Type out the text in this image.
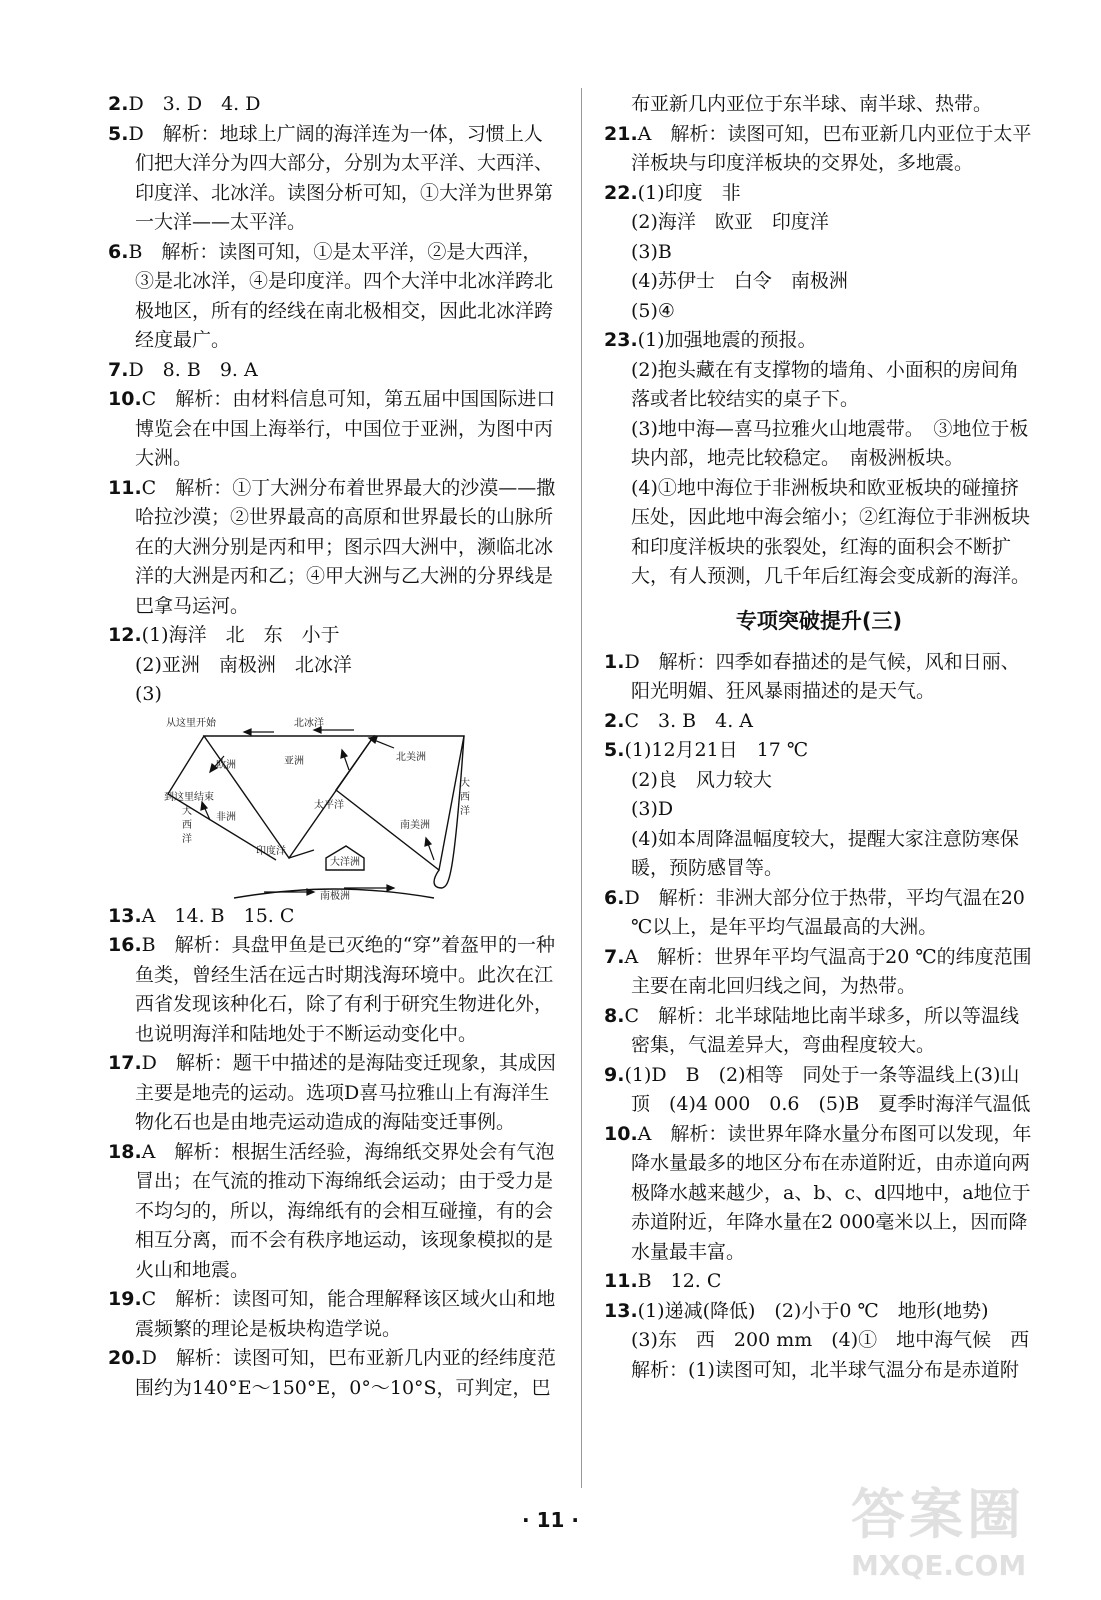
2.D　3. D　4. D

5.D　解析：地球上广阔的海洋连为一体，习惯上人们把大洋分为四大部分，分别为太平洋、大西洋、印度洋、北冰洋。读图分析可知，①大洋为世界第一大洋——太平洋。

6.B　解析：读图可知，①是太平洋，②是大西洋，③是北冰洋，④是印度洋。四个大洋中北冰洋跨北极地区，所有的经线在南北极相交，因此北冰洋跨经度最广。

7.D　8. B　9. A

10.C　解析：由材料信息可知，第五届中国国际进口博览会在中国上海举行，中国位于亚洲，为图中丙大洲。

11.C　解析：①丁大洲分布着世界最大的沙漠——撒哈拉沙漠；②世界最高的高原和世界最长的山脉所在的大洲分别是丙和甲；图示四大洲中，濒临北冰洋的大洲是丙和乙；④甲大洲与乙大洲的分界线是巴拿马运河。

12.(1)海洋　北　东　小于

(2)亚洲　南极洲　北冰洋

(3)

从这里开始	北冰洋
欧洲	亚洲	北美洲
到这里结束
非洲
太平洋
南美洲
大
西
洋
大
西
洋
印度洋
大洋洲
南极洲

13.A　14. B　15. C

16.B　解析：具盘甲鱼是已灭绝的“穿”着盔甲的一种鱼类，曾经生活在远古时期浅海环境中。此次在江西省发现该种化石，除了有利于研究生物进化外，也说明海洋和陆地处于不断运动变化中。

17.D　解析：题干中描述的是海陆变迁现象，其成因主要是地壳的运动。选项D喜马拉雅山上有海洋生物化石也是由地壳运动造成的海陆变迁事例。

18.A　解析：根据生活经验，海绵纸交界处会有气泡冒出；在气流的推动下海绵纸会运动；由于受力是不均匀的，所以，海绵纸有的会相互碰撞，有的会相互分离，而不会有秩序地运动，该现象模拟的是火山和地震。

19.C　解析：读图可知，能合理解释该区域火山和地震频繁的理论是板块构造学说。

20.D　解析：读图可知，巴布亚新几内亚的经纬度范围约为140°E～150°E，0°～10°S，可判定，巴

布亚新几内亚位于东半球、南半球、热带。

21.A　解析：读图可知，巴布亚新几内亚位于太平洋板块与印度洋板块的交界处，多地震。

22.(1)印度　非

(2)海洋　欧亚　印度洋

(3)B

(4)苏伊士　白令　南极洲

(5)④

23.(1)加强地震的预报。

(2)抱头藏在有支撑物的墙角、小面积的房间角落或者比较结实的桌子下。

(3)地中海—喜马拉雅火山地震带。　③地位于板块内部，地壳比较稳定。　南极洲板块。

(4)①地中海位于非洲板块和欧亚板块的碰撞挤压处，因此地中海会缩小；②红海位于非洲板块和印度洋板块的张裂处，红海的面积会不断扩大，有人预测，几千年后红海会变成新的海洋。

专项突破提升(三)

1.D　解析：四季如春描述的是气候，风和日丽、阳光明媚、狂风暴雨描述的是天气。

2.C　3. B　4. A

5.(1)12月21日　17 ℃

(2)良　风力较大

(3)D

(4)如本周降温幅度较大，提醒大家注意防寒保暖，预防感冒等。

6.D　解析：非洲大部分位于热带，平均气温在20 ℃以上，是年平均气温最高的大洲。

7.A　解析：世界年平均气温高于20 ℃的纬度范围主要在南北回归线之间，为热带。

8.C　解析：北半球陆地比南半球多，所以等温线密集，气温差异大，弯曲程度较大。

9.(1)D　B　(2)相等　同处于一条等温线上(3)山顶　(4)4 000　0.6　(5)B　夏季时海洋气温低

10.A　解析：读世界年降水量分布图可以发现，年降水量最多的地区分布在赤道附近，由赤道向两极降水越来越少，a、b、c、d四地中，a地位于赤道附近，年降水量在2 000毫米以上，因而降水量最丰富。

11.B　12. C

13.(1)递减(降低)　(2)小于0 ℃　地形(地势)

(3)东　西　200 mm　(4)①　地中海气候　西

解析：(1)读图可知，北半球气温分布是赤道附

· 11 ·	答案圈
MXQE.COM
